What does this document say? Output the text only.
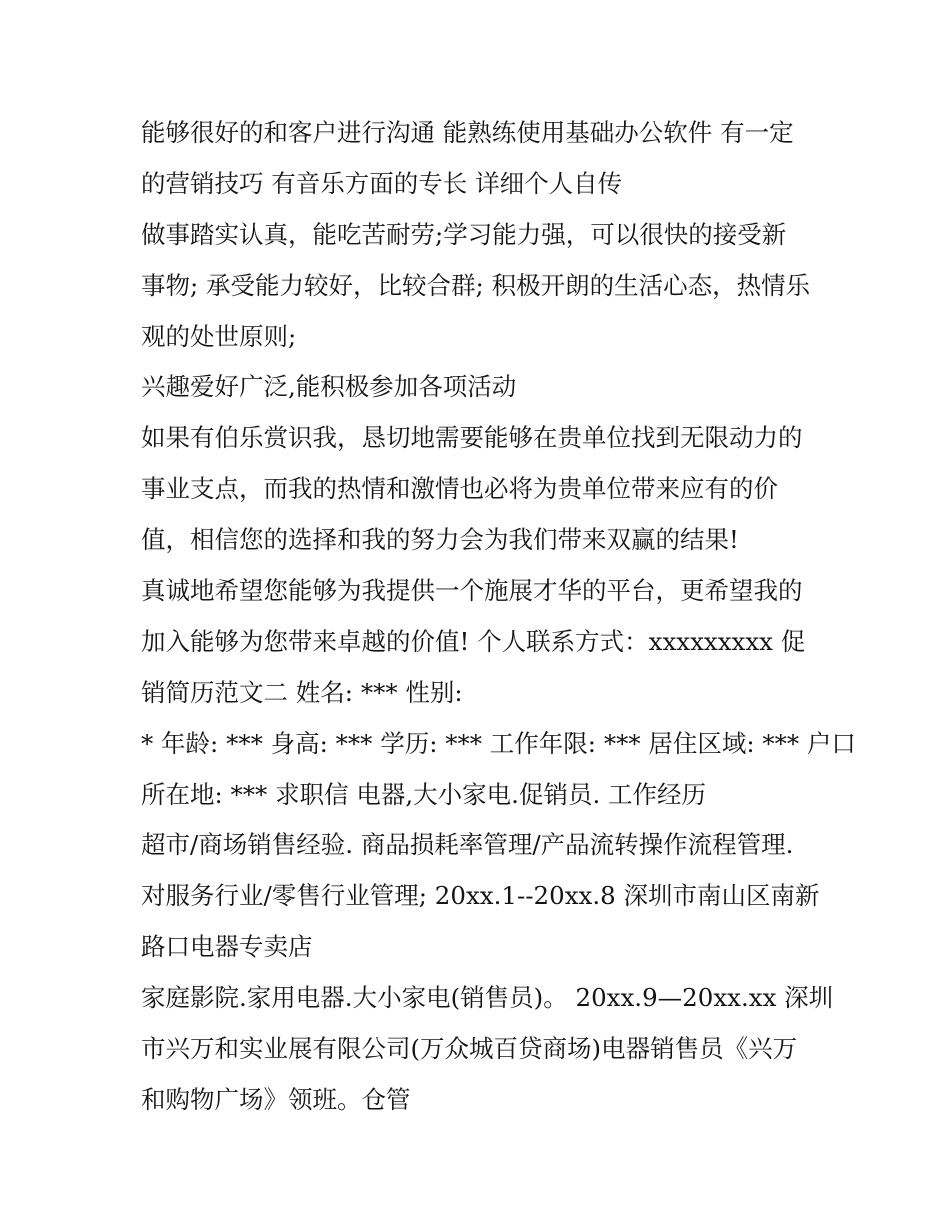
能够很好的和客户进行沟通 能熟练使用基础办公软件 有一定

的营销技巧 有音乐方面的专长 详细个人自传

做事踏实认真，能吃苦耐劳;学习能力强，可以很快的接受新

事物; 承受能力较好，比较合群; 积极开朗的生活心态，热情乐

观的处世原则;

兴趣爱好广泛,能积极参加各项活动

如果有伯乐赏识我，恳切地需要能够在贵单位找到无限动力的

事业支点，而我的热情和激情也必将为贵单位带来应有的价

值，相信您的选择和我的努力会为我们带来双赢的结果!

真诚地希望您能够为我提供一个施展才华的平台，更希望我的

加入能够为您带来卓越的价值! 个人联系方式：xxxxxxxxx 促

销简历范文二 姓名: *** 性别:

* 年龄: *** 身高: *** 学历: *** 工作年限: *** 居住区域: *** 户口

所在地: *** 求职信 电器,大小家电.促销员. 工作经历

超市/商场销售经验. 商品损耗率管理/产品流转操作流程管理.

对服务行业/零售行业管理; 20xx.1--20xx.8 深圳市南山区南新

路口电器专卖店

家庭影院.家用电器.大小家电(销售员)。 20xx.9—20xx.xx 深圳

市兴万和实业展有限公司(万众城百贷商场)电器销售员《兴万

和购物广场》领班。仓管
